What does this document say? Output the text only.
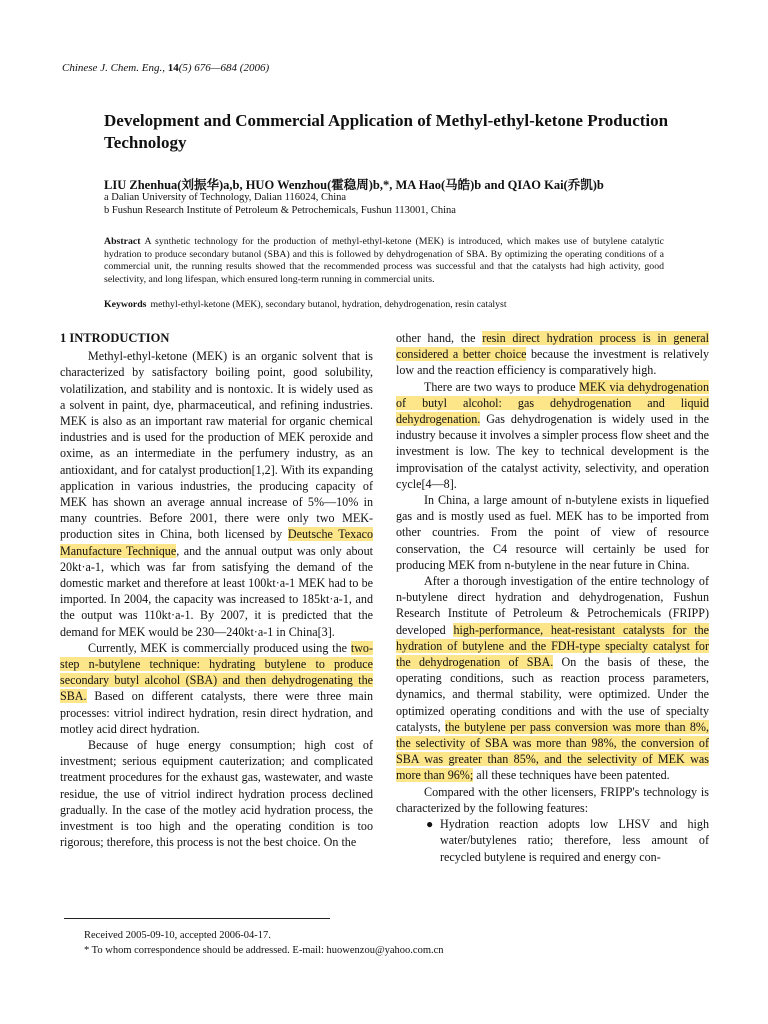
Chinese J. Chem. Eng., 14(5) 676—684 (2006)
Development and Commercial Application of Methyl-ethyl-ketone Production Technology
LIU Zhenhua(刘振华)a,b, HUO Wenzhou(霍稳周)b,*, MA Hao(马皓)b and QIAO Kai(乔凯)b
a Dalian University of Technology, Dalian 116024, China
b Fushun Research Institute of Petroleum & Petrochemicals, Fushun 113001, China
Abstract A synthetic technology for the production of methyl-ethyl-ketone (MEK) is introduced, which makes use of butylene catalytic hydration to produce secondary butanol (SBA) and this is followed by dehydrogenation of SBA. By optimizing the operating conditions of a commercial unit, the running results showed that the recommended process was successful and that the catalysts had high activity, good selectivity, and long lifespan, which ensured long-term running in commercial units.
Keywords methyl-ethyl-ketone (MEK), secondary butanol, hydration, dehydrogenation, resin catalyst
1 INTRODUCTION

Methyl-ethyl-ketone (MEK) is an organic solvent that is characterized by satisfactory boiling point, good solubility, volatilization, and stability and is nontoxic. It is widely used as a solvent in paint, dye, pharmaceutical, and refining industries. MEK is also as an important raw material for organic chemical industries and is used for the production of MEK peroxide and oxime, as an intermediate in the perfumery industry, as an antioxidant, and for catalyst production[1,2]. With its expanding application in various industries, the producing capacity of MEK has shown an average annual increase of 5%—10% in many countries. Before 2001, there were only two MEK-production sites in China, both licensed by Deutsche Texaco Manufacture Technique, and the annual output was only about 20kt·a-1, which was far from satisfying the demand of the domestic market and therefore at least 100kt·a-1 MEK had to be imported. In 2004, the capacity was increased to 185kt·a-1, and the output was 110kt·a-1. By 2007, it is predicted that the demand for MEK would be 230—240kt·a-1 in China[3].

Currently, MEK is commercially produced using the two-step n-butylene technique: hydrating butylene to produce secondary butyl alcohol (SBA) and then dehydrogenating the SBA. Based on different catalysts, there were three main processes: vitriol indirect hydration, resin direct hydration, and motley acid direct hydration.

Because of huge energy consumption; high cost of investment; serious equipment cauterization; and complicated treatment procedures for the exhaust gas, wastewater, and waste residue, the use of vitriol indirect hydration process declined gradually. In the case of the motley acid hydration process, the investment is too high and the operating condition is too rigorous; therefore, this process is not the best choice. On the

other hand, the resin direct hydration process is in general considered a better choice because the investment is relatively low and the reaction efficiency is comparatively high.

There are two ways to produce MEK via dehydrogenation of butyl alcohol: gas dehydrogenation and liquid dehydrogenation. Gas dehydrogenation is widely used in the industry because it involves a simpler process flow sheet and the investment is low. The key to technical development is the improvisation of the catalyst activity, selectivity, and operation cycle[4—8].

In China, a large amount of n-butylene exists in liquefied gas and is mostly used as fuel. MEK has to be imported from other countries. From the point of view of resource conservation, the C4 resource will certainly be used for producing MEK from n-butylene in the near future in China.

After a thorough investigation of the entire technology of n-butylene direct hydration and dehydrogenation, Fushun Research Institute of Petroleum & Petrochemicals (FRIPP) developed high-performance, heat-resistant catalysts for the hydration of butylene and the FDH-type specialty catalyst for the dehydrogenation of SBA. On the basis of these, the operating conditions, such as reaction process parameters, dynamics, and thermal stability, were optimized. Under the optimized operating conditions and with the use of specialty catalysts, the butylene per pass conversion was more than 8%, the selectivity of SBA was more than 98%, the conversion of SBA was greater than 85%, and the selectivity of MEK was more than 96%; all these techniques have been patented.

Compared with the other licensers, FRIPP's technology is characterized by the following features:

● Hydration reaction adopts low LHSV and high water/butylenes ratio; therefore, less amount of recycled butylene is required and energy con-

Received 2005-09-10, accepted 2006-04-17.
* To whom correspondence should be addressed. E-mail: huowenzou@yahoo.com.cn
